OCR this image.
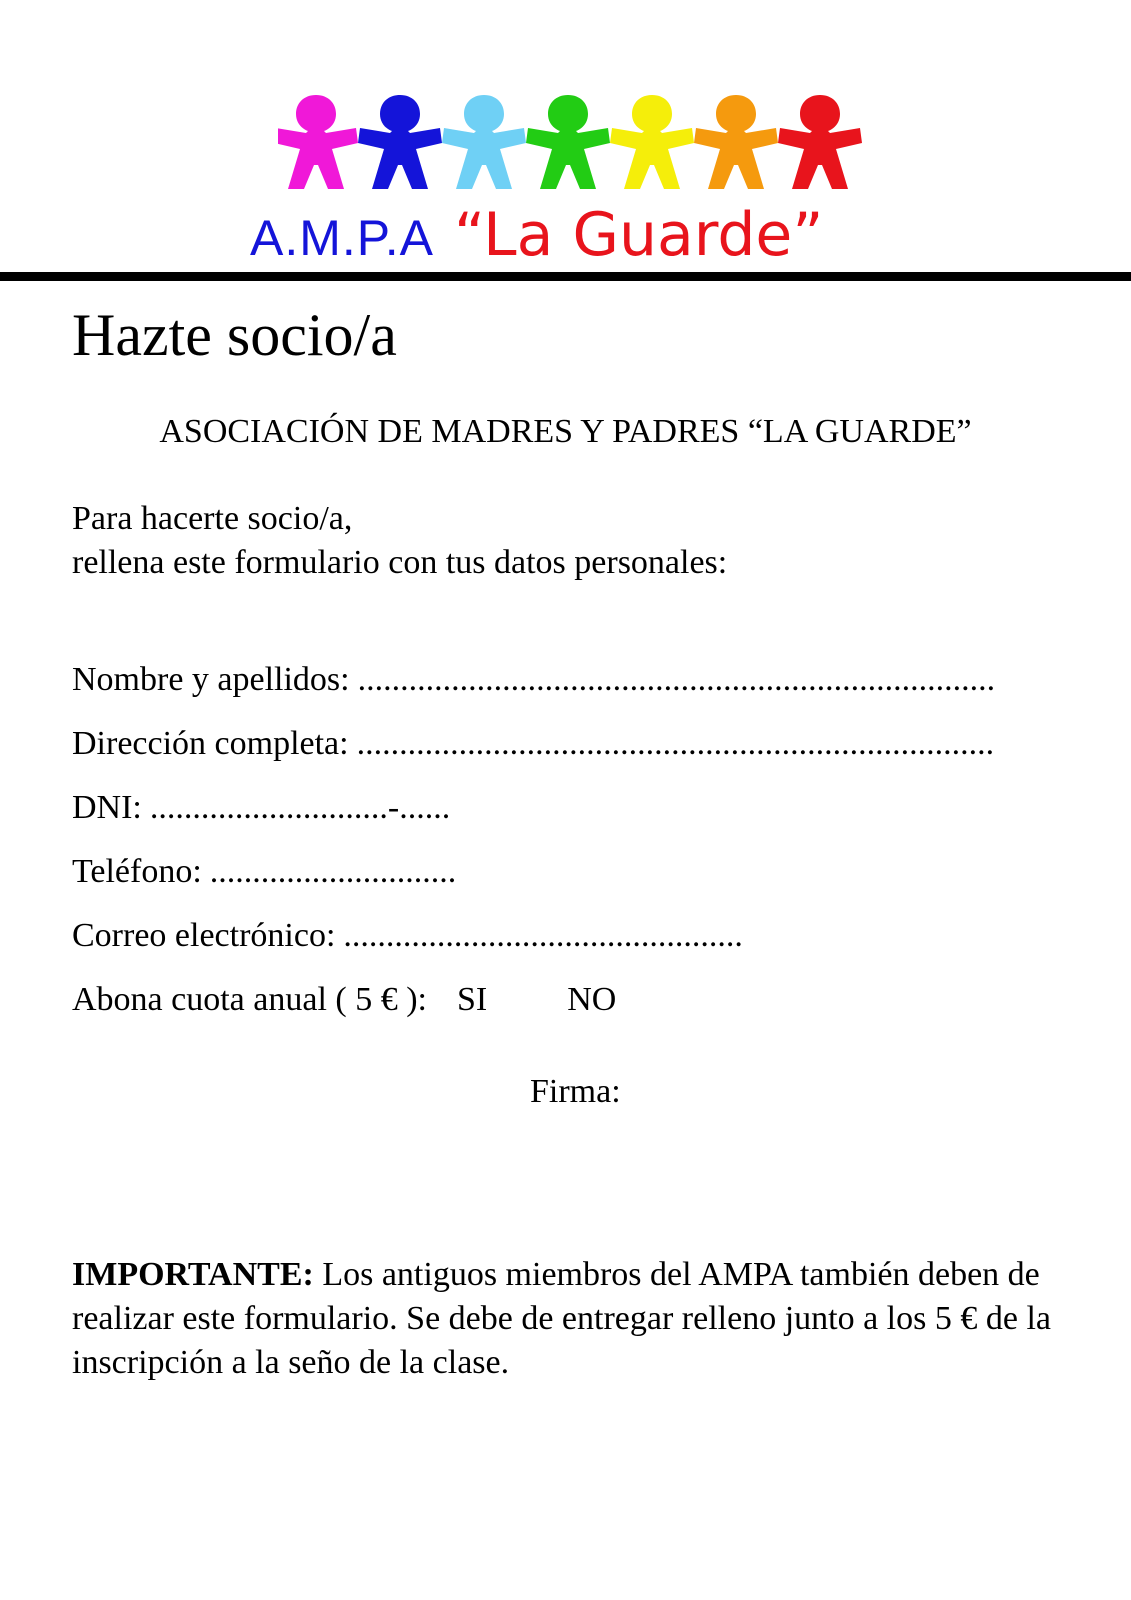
A.M.P.A “La Guarde”
Hazte socio/a
ASOCIACIÓN DE MADRES Y PADRES “LA GUARDE”
Para hacerte socio/a,
rellena este formulario con tus datos personales:
Nombre y apellidos: ...........................................................................
Dirección completa: ...........................................................................
DNI: ............................-......
Teléfono: .............................
Correo electrónico: ...............................................
Abona cuota anual ( 5 € ): SI NO
Firma:
IMPORTANTE: Los antiguos miembros del AMPA también deben de realizar este formulario. Se debe de entregar relleno junto a los 5 € de la inscripción a la seño de la clase.
